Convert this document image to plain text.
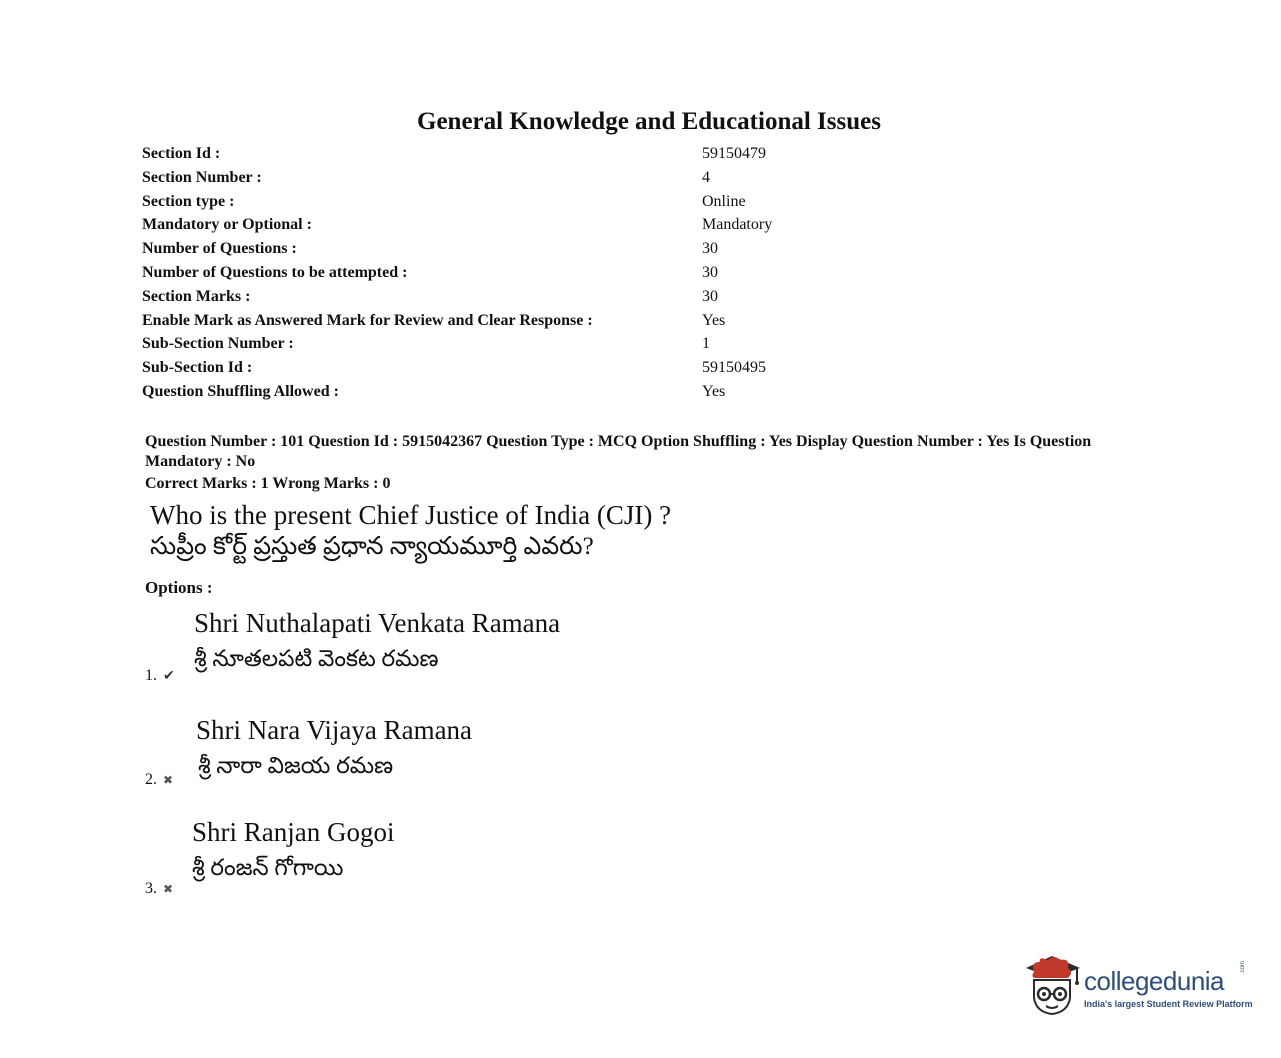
General Knowledge and Educational Issues
Section Id :	59150479
Section Number :	4
Section type :	Online
Mandatory or Optional :	Mandatory
Number of Questions :	30
Number of Questions to be attempted :	30
Section Marks :	30
Enable Mark as Answered Mark for Review and Clear Response :	Yes
Sub-Section Number :	1
Sub-Section Id :	59150495
Question Shuffling Allowed :	Yes
Question Number : 101 Question Id : 5915042367 Question Type : MCQ Option Shuffling : Yes Display Question Number : Yes Is Question Mandatory : No
Correct Marks : 1 Wrong Marks : 0
Who is the present Chief Justice of India (CJI) ?
సుప్రీం కోర్ట్ ప్రస్తుత ప్రధాన న్యాయమూర్తి ఎవరు?
Options :
Shri Nuthalapati Venkata Ramana
శ్రీ నూతలపటి వెంకట రమణ
1. ✔
Shri Nara Vijaya Ramana
శ్రీ నారా విజయ రమణ
2. ✖
Shri Ranjan Gogoi
శ్రీ రంజన్ గోగాయి
3. ✖
collegedunia	.com
India's largest Student Review Platform
